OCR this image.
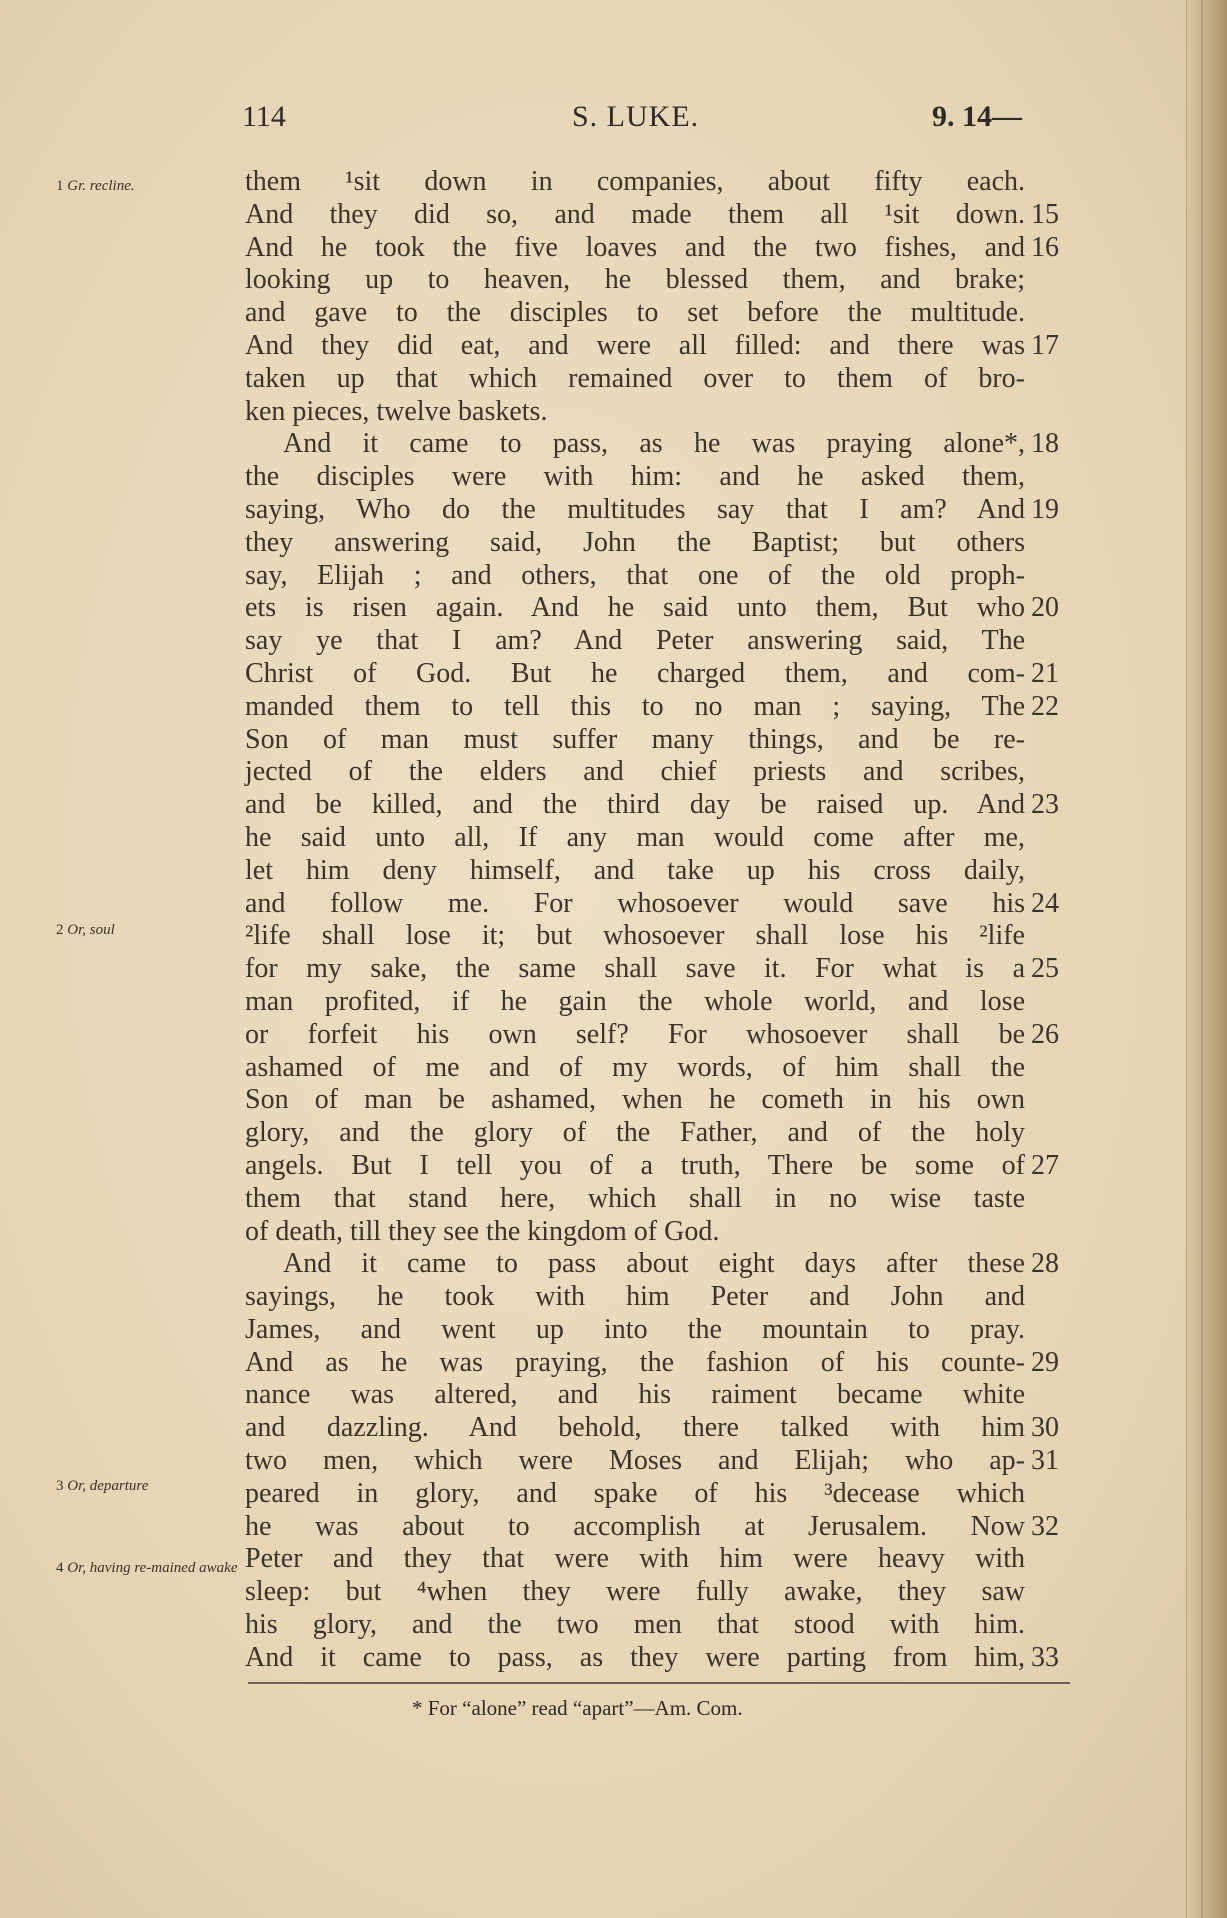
114	S. LUKE.	9. 14—
1 Gr. recline.
2 Or, soul
3 Or, departure
4 Or, having re-mained awake
them ¹sit down in companies, about fifty each.
And they did so, and made them all ¹sit down. 15
And he took the five loaves and the two fishes, and 16
looking up to heaven, he blessed them, and brake;
and gave to the disciples to set before the multitude.
And they did eat, and were all filled: and there was 17
taken up that which remained over to them of bro-
ken pieces, twelve baskets.
And it came to pass, as he was praying alone*, 18
the disciples were with him: and he asked them,
saying, Who do the multitudes say that I am? And 19
they answering said, John the Baptist; but others
say, Elijah ; and others, that one of the old proph-
ets is risen again. And he said unto them, But who 20
say ye that I am? And Peter answering said, The
Christ of God. But he charged them, and com- 21
manded them to tell this to no man ; saying, The 22
Son of man must suffer many things, and be re-
jected of the elders and chief priests and scribes,
and be killed, and the third day be raised up. And 23
he said unto all, If any man would come after me,
let him deny himself, and take up his cross daily,
and follow me. For whosoever would save his 24
²life shall lose it; but whosoever shall lose his ²life
for my sake, the same shall save it. For what is a 25
man profited, if he gain the whole world, and lose
or forfeit his own self? For whosoever shall be 26
ashamed of me and of my words, of him shall the
Son of man be ashamed, when he cometh in his own
glory, and the glory of the Father, and of the holy
angels. But I tell you of a truth, There be some of 27
them that stand here, which shall in no wise taste
of death, till they see the kingdom of God.
And it came to pass about eight days after these 28
sayings, he took with him Peter and John and
James, and went up into the mountain to pray.
And as he was praying, the fashion of his counte- 29
nance was altered, and his raiment became white
and dazzling. And behold, there talked with him 30
two men, which were Moses and Elijah; who ap- 31
peared in glory, and spake of his ³decease which
he was about to accomplish at Jerusalem. Now 32
Peter and they that were with him were heavy with
sleep: but ⁴when they were fully awake, they saw
his glory, and the two men that stood with him.
And it came to pass, as they were parting from him, 33
* For “alone” read “apart”—Am. Com.
